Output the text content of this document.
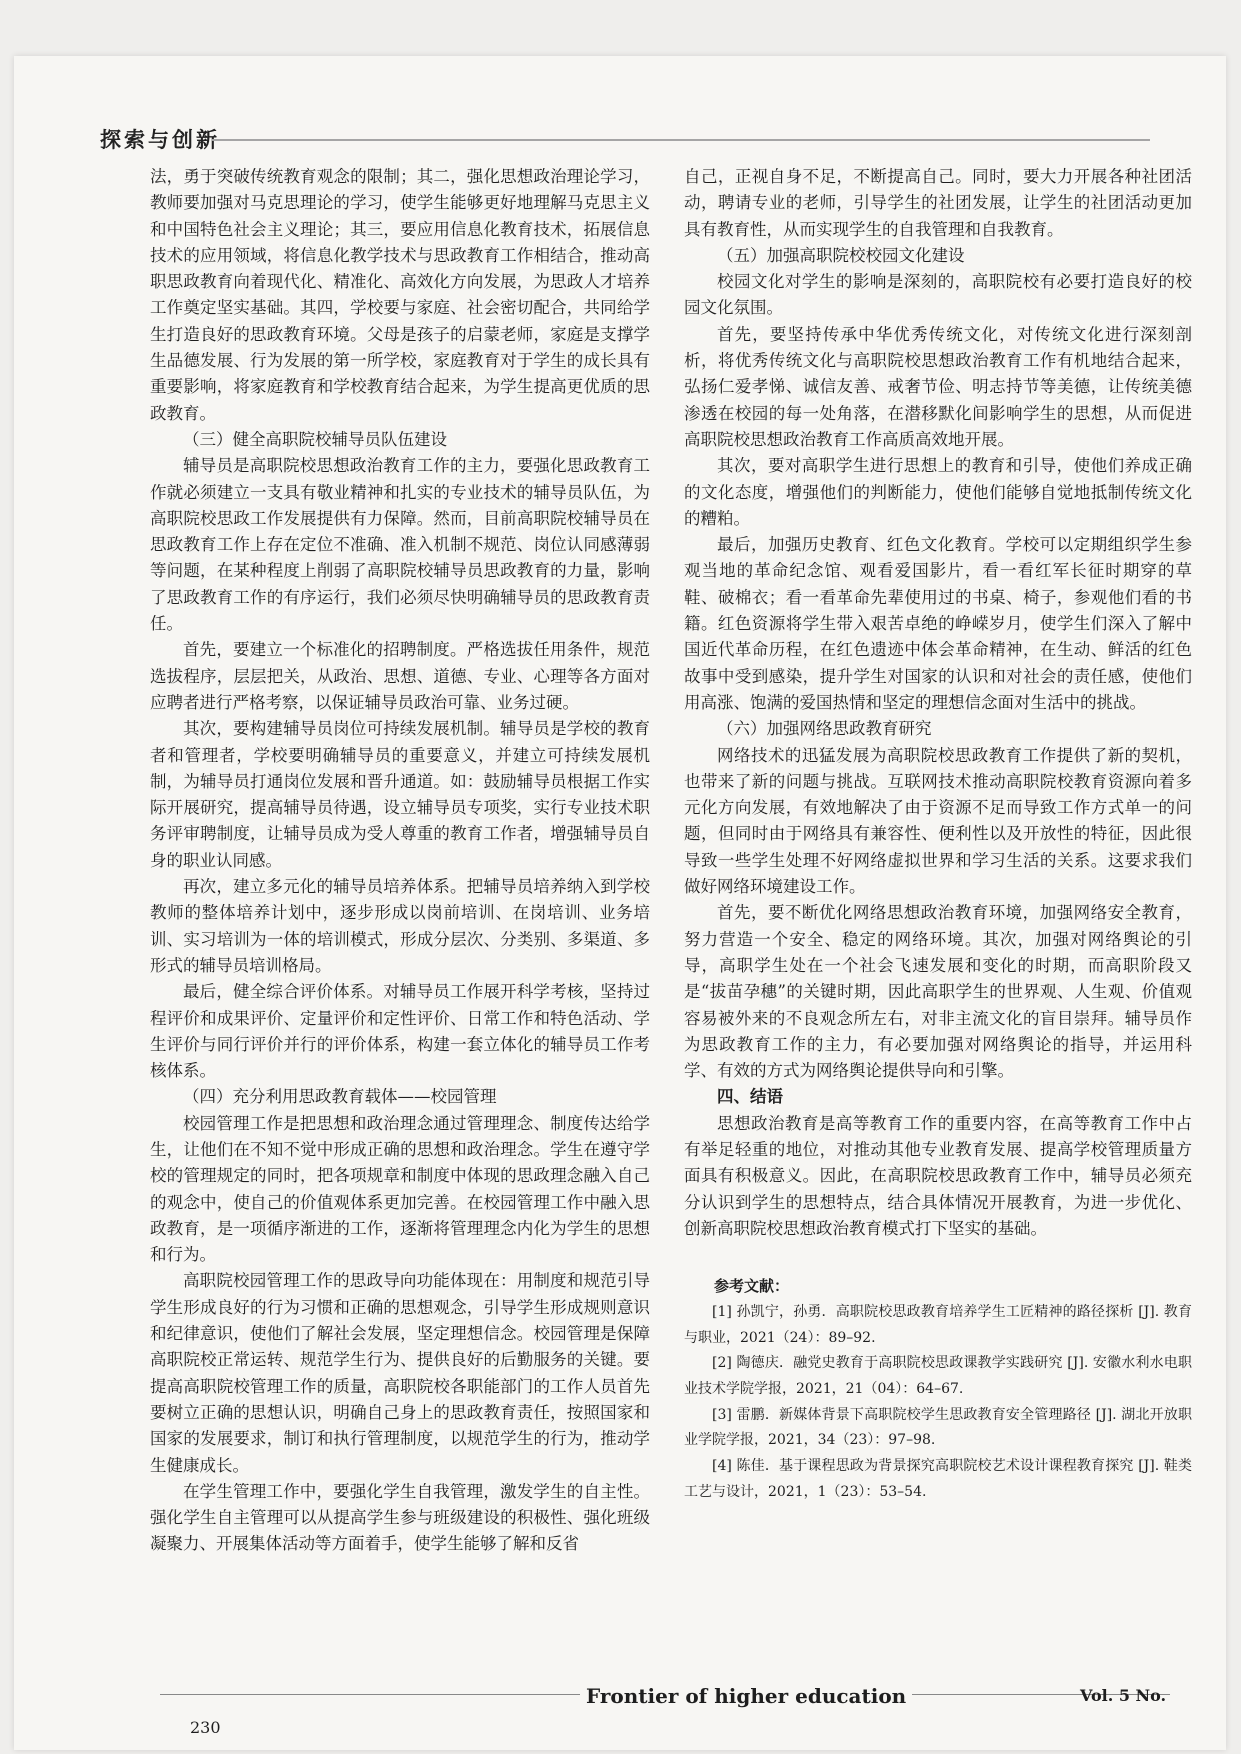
探索与创新

法，勇于突破传统教育观念的限制；其二，强化思想政治理论学习，教师要加强对马克思理论的学习，使学生能够更好地理解马克思主义和中国特色社会主义理论；其三，要应用信息化教育技术，拓展信息技术的应用领域，将信息化教学技术与思政教育工作相结合，推动高职思政教育向着现代化、精准化、高效化方向发展，为思政人才培养工作奠定坚实基础。其四，学校要与家庭、社会密切配合，共同给学生打造良好的思政教育环境。父母是孩子的启蒙老师，家庭是支撑学生品德发展、行为发展的第一所学校，家庭教育对于学生的成长具有重要影响，将家庭教育和学校教育结合起来，为学生提高更优质的思政教育。

（三）健全高职院校辅导员队伍建设

辅导员是高职院校思想政治教育工作的主力，要强化思政教育工作就必须建立一支具有敬业精神和扎实的专业技术的辅导员队伍，为高职院校思政工作发展提供有力保障。然而，目前高职院校辅导员在思政教育工作上存在定位不准确、准入机制不规范、岗位认同感薄弱等问题，在某种程度上削弱了高职院校辅导员思政教育的力量，影响了思政教育工作的有序运行，我们必须尽快明确辅导员的思政教育责任。

首先，要建立一个标准化的招聘制度。严格选拔任用条件，规范选拔程序，层层把关，从政治、思想、道德、专业、心理等各方面对应聘者进行严格考察，以保证辅导员政治可靠、业务过硬。

其次，要构建辅导员岗位可持续发展机制。辅导员是学校的教育者和管理者，学校要明确辅导员的重要意义，并建立可持续发展机制，为辅导员打通岗位发展和晋升通道。如：鼓励辅导员根据工作实际开展研究，提高辅导员待遇，设立辅导员专项奖，实行专业技术职务评审聘制度，让辅导员成为受人尊重的教育工作者，增强辅导员自身的职业认同感。

再次，建立多元化的辅导员培养体系。把辅导员培养纳入到学校教师的整体培养计划中，逐步形成以岗前培训、在岗培训、业务培训、实习培训为一体的培训模式，形成分层次、分类别、多渠道、多形式的辅导员培训格局。

最后，健全综合评价体系。对辅导员工作展开科学考核，坚持过程评价和成果评价、定量评价和定性评价、日常工作和特色活动、学生评价与同行评价并行的评价体系，构建一套立体化的辅导员工作考核体系。

（四）充分利用思政教育载体——校园管理

校园管理工作是把思想和政治理念通过管理理念、制度传达给学生，让他们在不知不觉中形成正确的思想和政治理念。学生在遵守学校的管理规定的同时，把各项规章和制度中体现的思政理念融入自己的观念中，使自己的价值观体系更加完善。在校园管理工作中融入思政教育，是一项循序渐进的工作，逐渐将管理理念内化为学生的思想和行为。

高职院校园管理工作的思政导向功能体现在：用制度和规范引导学生形成良好的行为习惯和正确的思想观念，引导学生形成规则意识和纪律意识，使他们了解社会发展，坚定理想信念。校园管理是保障高职院校正常运转、规范学生行为、提供良好的后勤服务的关键。要提高高职院校管理工作的质量，高职院校各职能部门的工作人员首先要树立正确的思想认识，明确自己身上的思政教育责任，按照国家和国家的发展要求，制订和执行管理制度，以规范学生的行为，推动学生健康成长。

在学生管理工作中，要强化学生自我管理，激发学生的自主性。强化学生自主管理可以从提高学生参与班级建设的积极性、强化班级凝聚力、开展集体活动等方面着手，使学生能够了解和反省

自己，正视自身不足，不断提高自己。同时，要大力开展各种社团活动，聘请专业的老师，引导学生的社团发展，让学生的社团活动更加具有教育性，从而实现学生的自我管理和自我教育。

（五）加强高职院校校园文化建设

校园文化对学生的影响是深刻的，高职院校有必要打造良好的校园文化氛围。

首先，要坚持传承中华优秀传统文化，对传统文化进行深刻剖析，将优秀传统文化与高职院校思想政治教育工作有机地结合起来，弘扬仁爱孝悌、诚信友善、戒奢节俭、明志持节等美德，让传统美德渗透在校园的每一处角落，在潜移默化间影响学生的思想，从而促进高职院校思想政治教育工作高质高效地开展。

其次，要对高职学生进行思想上的教育和引导，使他们养成正确的文化态度，增强他们的判断能力，使他们能够自觉地抵制传统文化的糟粕。

最后，加强历史教育、红色文化教育。学校可以定期组织学生参观当地的革命纪念馆、观看爱国影片，看一看红军长征时期穿的草鞋、破棉衣；看一看革命先辈使用过的书桌、椅子，参观他们看的书籍。红色资源将学生带入艰苦卓绝的峥嵘岁月，使学生们深入了解中国近代革命历程，在红色遗迹中体会革命精神，在生动、鲜活的红色故事中受到感染，提升学生对国家的认识和对社会的责任感，使他们用高涨、饱满的爱国热情和坚定的理想信念面对生活中的挑战。

（六）加强网络思政教育研究

网络技术的迅猛发展为高职院校思政教育工作提供了新的契机，也带来了新的问题与挑战。互联网技术推动高职院校教育资源向着多元化方向发展，有效地解决了由于资源不足而导致工作方式单一的问题，但同时由于网络具有兼容性、便利性以及开放性的特征，因此很导致一些学生处理不好网络虚拟世界和学习生活的关系。这要求我们做好网络环境建设工作。

首先，要不断优化网络思想政治教育环境，加强网络安全教育，努力营造一个安全、稳定的网络环境。其次，加强对网络舆论的引导，高职学生处在一个社会飞速发展和变化的时期，而高职阶段又是“拔苗孕穗”的关键时期，因此高职学生的世界观、人生观、价值观容易被外来的不良观念所左右，对非主流文化的盲目崇拜。辅导员作为思政教育工作的主力，有必要加强对网络舆论的指导，并运用科学、有效的方式为网络舆论提供导向和引擎。

四、结语

思想政治教育是高等教育工作的重要内容，在高等教育工作中占有举足轻重的地位，对推动其他专业教育发展、提高学校管理质量方面具有积极意义。因此，在高职院校思政教育工作中，辅导员必须充分认识到学生的思想特点，结合具体情况开展教育，为进一步优化、创新高职院校思想政治教育模式打下坚实的基础。

参考文献：
[1] 孙凯宁，孙勇．高职院校思政教育培养学生工匠精神的路径探析 [J]. 教育与职业，2021（24）：89–92.
[2] 陶德庆．融党史教育于高职院校思政课教学实践研究 [J]. 安徽水利水电职业技术学院学报，2021，21（04）：64–67.
[3] 雷鹏．新媒体背景下高职院校学生思政教育安全管理路径 [J]. 湖北开放职业学院学报，2021，34（23）：97–98.
[4] 陈佳．基于课程思政为背景探究高职院校艺术设计课程教育探究 [J]. 鞋类工艺与设计，2021，1（23）：53–54.
Frontier of higher education	Vol. 5 No.
230
